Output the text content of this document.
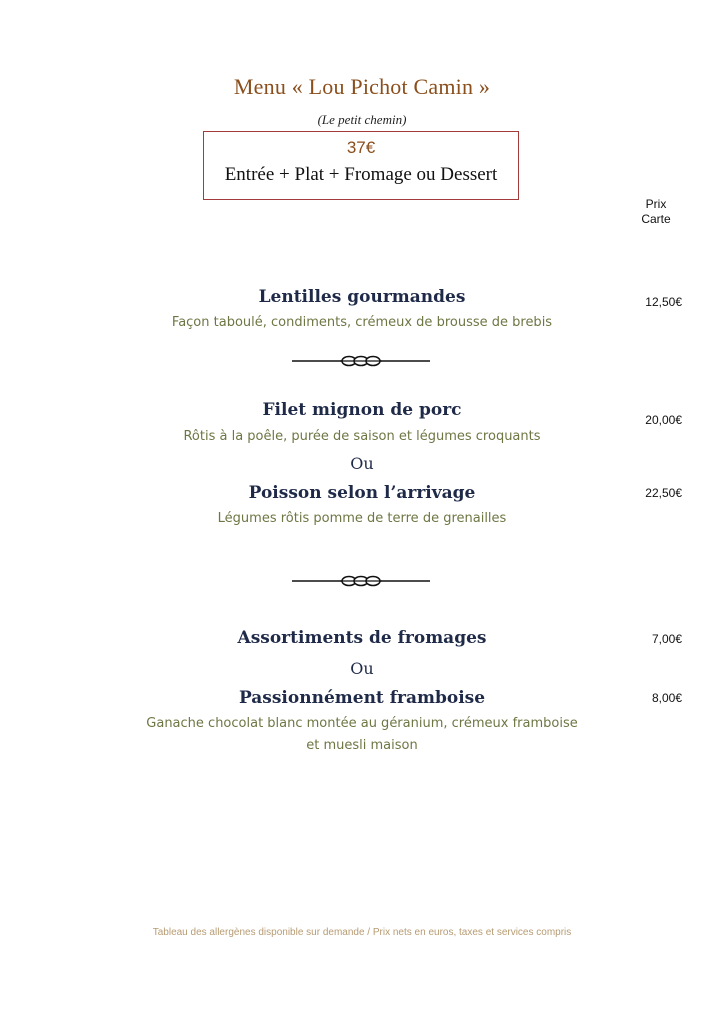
Menu « Lou Pichot Camin »
(Le petit chemin)
37€
Entrée + Plat + Fromage ou Dessert
Prix
Carte
Lentilles gourmandes
Façon taboulé, condiments, crémeux de brousse de brebis
12,50€
Filet mignon de porc
Rôtis à la poêle, purée de saison et légumes croquants
20,00€
Ou
Poisson selon l’arrivage
Légumes rôtis pomme de terre de grenailles
22,50€
Assortiments de fromages	7,00€
Ou
Passionnément framboise	8,00€
Ganache chocolat blanc montée au géranium, crémeux framboise
et muesli maison
Tableau des allergènes disponible sur demande / Prix nets en euros, taxes et services compris
